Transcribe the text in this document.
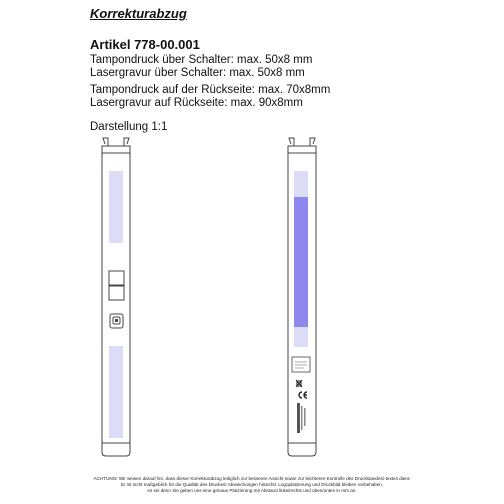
Korrekturabzug
Artikel 778-00.001
Tampondruck über Schalter: max. 50x8 mm
Lasergravur über Schalter: max. 50x8 mm
Tampondruck auf der Rückseite: max. 70x8mm
Lasergravur auf Rückseite: max. 90x8mm
Darstellung 1:1
ACHTUNG! Wir weisen darauf hin, dass dieser Korrekturabzug lediglich zur besseren Ansicht sowie zur leichteren Kontrolle des Druckstandes/-textes dient.
Er ist nicht maßgeblich für die Qualität des Druckes! Abweichungen hinsichtl. Logoplatzierung und Druckbild bleiben vorbehalten,
es sei denn Sie geben uns eine genaue Platzierung mit Abstand links/rechts und oben/unten in mm an.
